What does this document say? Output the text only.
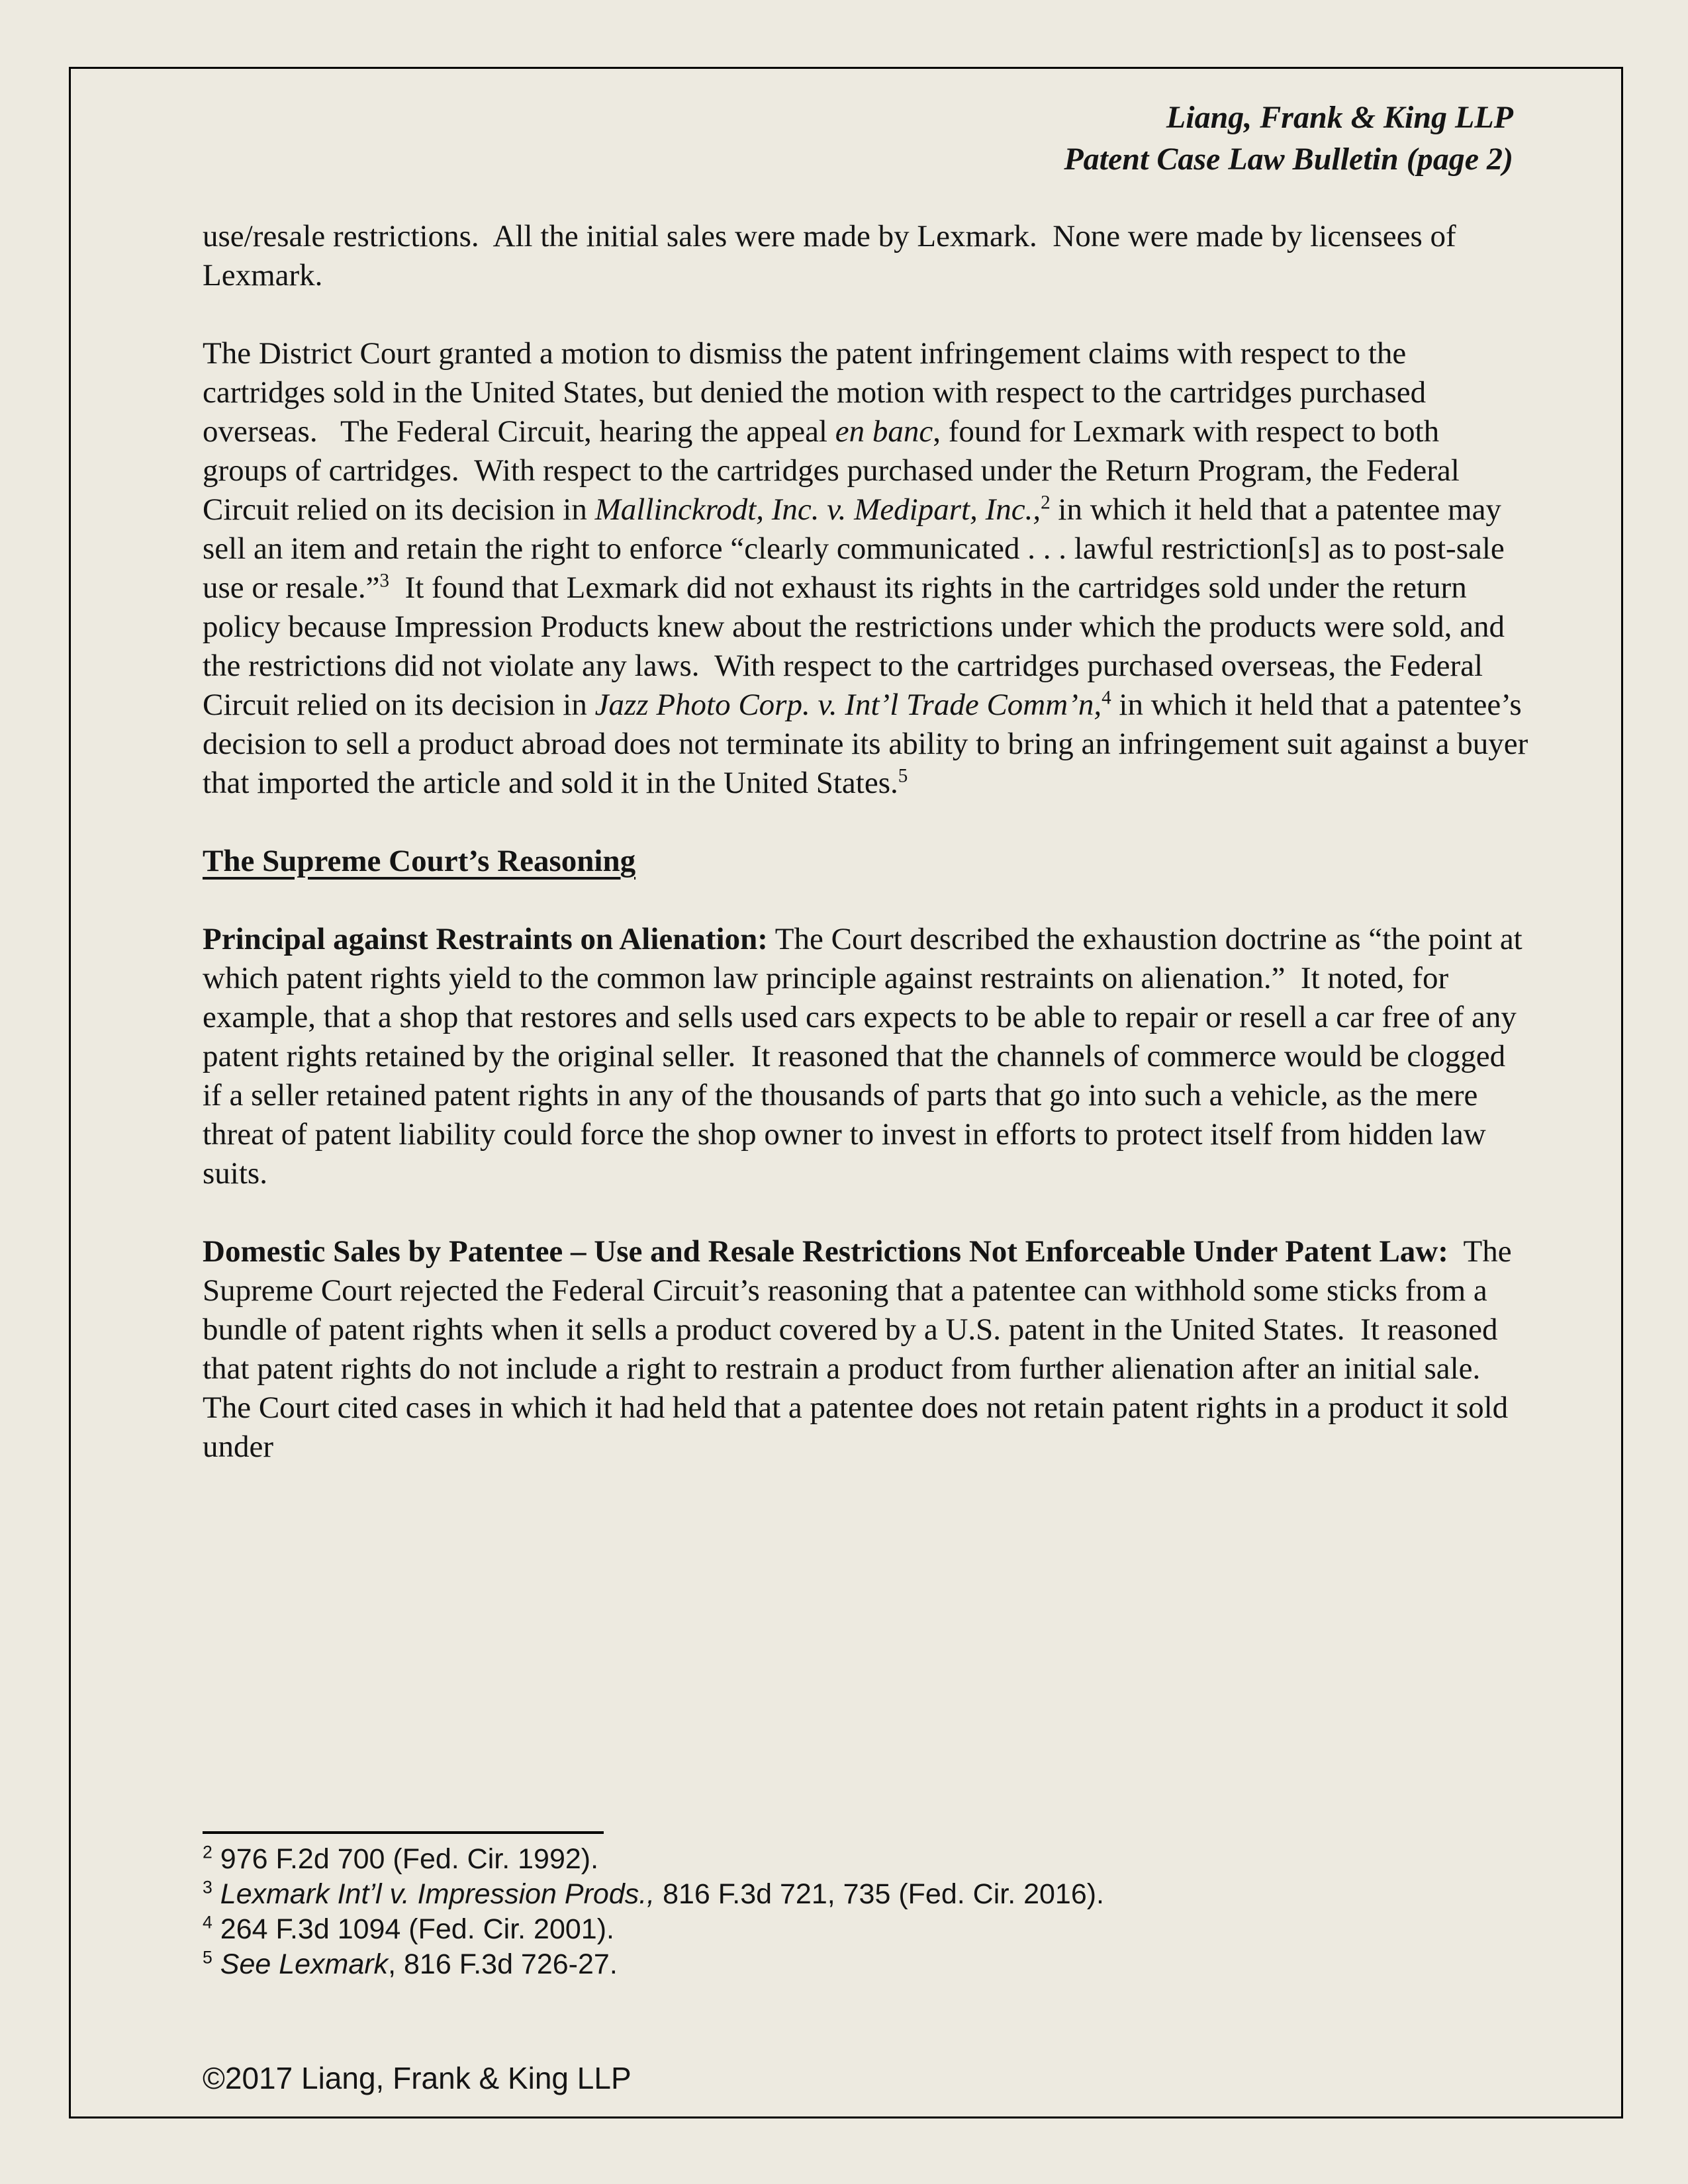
Liang, Frank & King LLP
Patent Case Law Bulletin (page 2)
use/resale restrictions.  All the initial sales were made by Lexmark.  None were made by licensees of Lexmark.
The District Court granted a motion to dismiss the patent infringement claims with respect to the cartridges sold in the United States, but denied the motion with respect to the cartridges purchased overseas.   The Federal Circuit, hearing the appeal en banc, found for Lexmark with respect to both groups of cartridges.  With respect to the cartridges purchased under the Return Program, the Federal Circuit relied on its decision in Mallinckrodt, Inc. v. Medipart, Inc.,$^2$ in which it held that a patentee may sell an item and retain the right to enforce “clearly communicated . . . lawful restriction[s] as to post-sale use or resale.”$^3$  It found that Lexmark did not exhaust its rights in the cartridges sold under the return policy because Impression Products knew about the restrictions under which the products were sold, and the restrictions did not violate any laws.  With respect to the cartridges purchased overseas, the Federal Circuit relied on its decision in Jazz Photo Corp. v. Int’l Trade Comm’n,$^4$ in which it held that a patentee’s decision to sell a product abroad does not terminate its ability to bring an infringement suit against a buyer that imported the article and sold it in the United States.$^5$
The Supreme Court’s Reasoning
Principal against Restraints on Alienation: The Court described the exhaustion doctrine as “the point at which patent rights yield to the common law principle against restraints on alienation.”  It noted, for example, that a shop that restores and sells used cars expects to be able to repair or resell a car free of any patent rights retained by the original seller.  It reasoned that the channels of commerce would be clogged if a seller retained patent rights in any of the thousands of parts that go into such a vehicle, as the mere threat of patent liability could force the shop owner to invest in efforts to protect itself from hidden law suits.
Domestic Sales by Patentee – Use and Resale Restrictions Not Enforceable Under Patent Law:  The Supreme Court rejected the Federal Circuit’s reasoning that a patentee can withhold some sticks from a bundle of patent rights when it sells a product covered by a U.S. patent in the United States.  It reasoned that patent rights do not include a right to restrain a product from further alienation after an initial sale.  The Court cited cases in which it had held that a patentee does not retain patent rights in a product it sold under
$^2$ 976 F.2d 700 (Fed. Cir. 1992).
$^3$ Lexmark Int’l v. Impression Prods., 816 F.3d 721, 735 (Fed. Cir. 2016).
$^4$ 264 F.3d 1094 (Fed. Cir. 2001).
$^5$ See Lexmark, 816 F.3d 726-27.
©2017 Liang, Frank & King LLP
